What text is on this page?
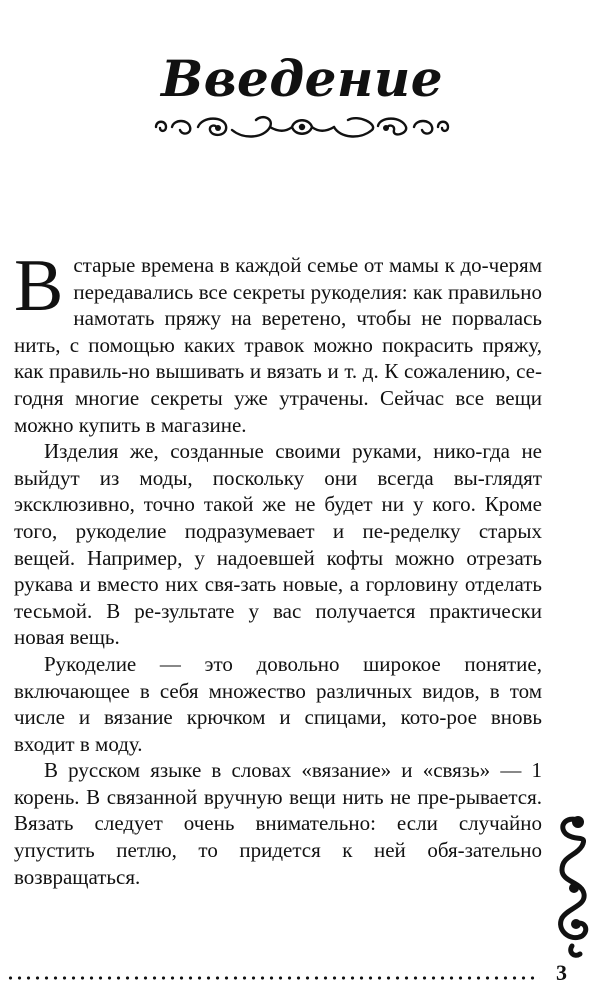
Введение

В старые времена в каждой семье от мамы к до-черям передавались все секреты рукоделия: как правильно намотать пряжу на веретено, чтобы не порвалась нить, с помощью каких травок можно покрасить пряжу, как правиль-но вышивать и вязать и т. д. К сожалению, се-годня многие секреты уже утрачены. Сейчас все вещи можно купить в магазине.

Изделия же, созданные своими руками, нико-гда не выйдут из моды, поскольку они всегда вы-глядят эксклюзивно, точно такой же не будет ни у кого. Кроме того, рукоделие подразумевает и пе-ределку старых вещей. Например, у надоевшей кофты можно отрезать рукава и вместо них свя-зать новые, а горловину отделать тесьмой. В ре-зультате у вас получается практически новая вещь.

Рукоделие — это довольно широкое понятие, включающее в себя множество различных видов, в том числе и вязание крючком и спицами, кото-рое вновь входит в моду.

В русском языке в словах «вязание» и «связь» — 1 корень. В связанной вручную вещи нить не пре-рывается. Вязать следует очень внимательно: если случайно упустить петлю, то придется к ней обя-зательно возвращаться.

3
